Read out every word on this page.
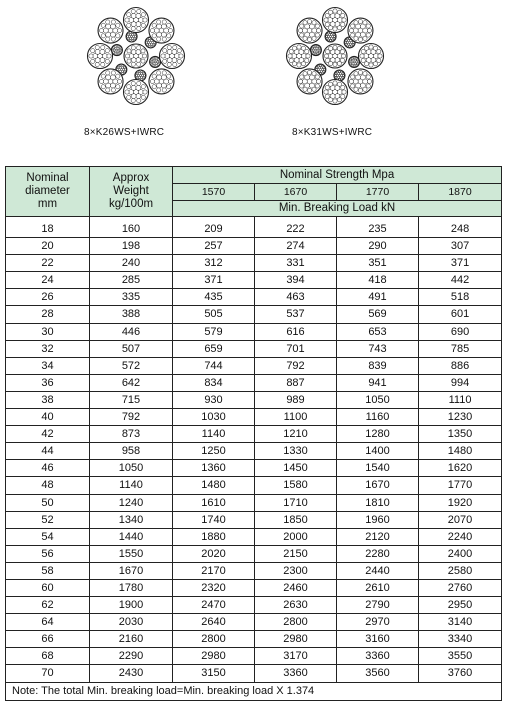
8×K26WS+IWRC	8×K31WS+IWRC
Nominal diameter mm	Approx Weight kg/100m	Nominal Strength Mpa			
		1570	1670	1770	1870
		Min. Breaking Load kN			
18	160	209	222	235	248
20	198	257	274	290	307
22	240	312	331	351	371
24	285	371	394	418	442
26	335	435	463	491	518
28	388	505	537	569	601
30	446	579	616	653	690
32	507	659	701	743	785
34	572	744	792	839	886
36	642	834	887	941	994
38	715	930	989	1050	1110
40	792	1030	1100	1160	1230
42	873	1140	1210	1280	1350
44	958	1250	1330	1400	1480
46	1050	1360	1450	1540	1620
48	1140	1480	1580	1670	1770
50	1240	1610	1710	1810	1920
52	1340	1740	1850	1960	2070
54	1440	1880	2000	2120	2240
56	1550	2020	2150	2280	2400
58	1670	2170	2300	2440	2580
60	1780	2320	2460	2610	2760
62	1900	2470	2630	2790	2950
64	2030	2640	2800	2970	3140
66	2160	2800	2980	3160	3340
68	2290	2980	3170	3360	3550
70	2430	3150	3360	3560	3760
Note: The total Min. breaking load=Min. breaking load X 1.374					
